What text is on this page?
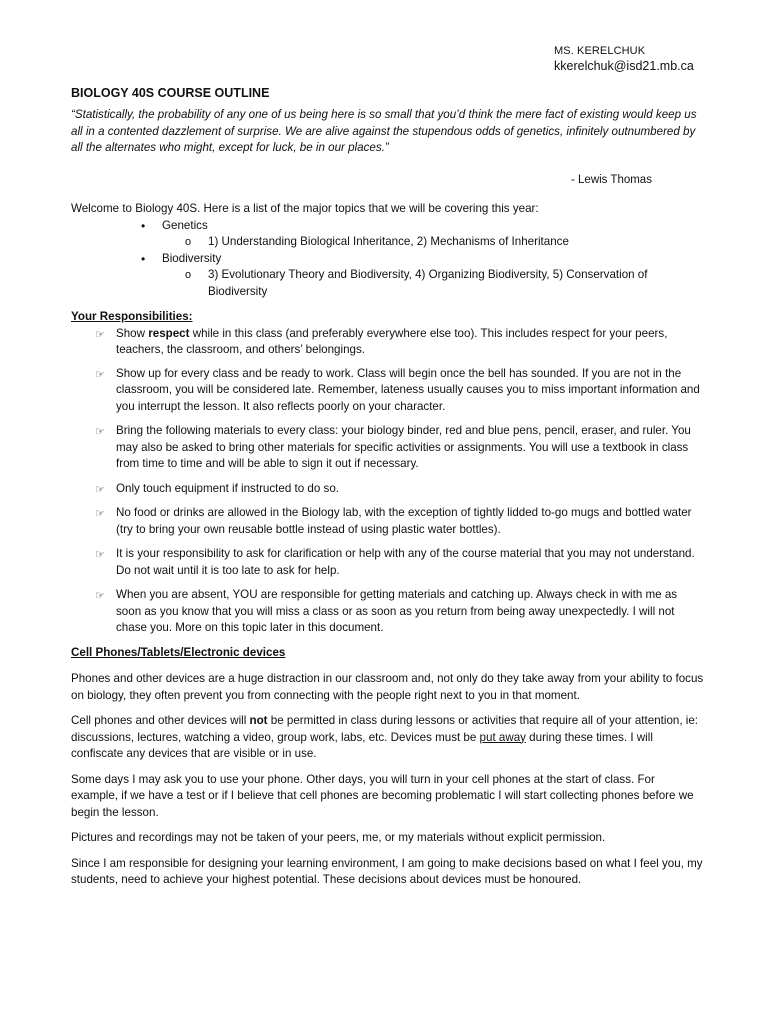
MS. KERELCHUK
kkerelchuk@isd21.mb.ca
BIOLOGY 40S COURSE OUTLINE
“Statistically, the probability of any one of us being here is so small that you’d think the mere fact of existing would keep us all in a contented dazzlement of surprise. We are alive against the stupendous odds of genetics, infinitely outnumbered by all the alternates who might, except for luck, be in our places.”
- Lewis Thomas
Welcome to Biology 40S. Here is a list of the major topics that we will be covering this year:
• Genetics
o 1) Understanding Biological Inheritance, 2) Mechanisms of Inheritance
• Biodiversity
o 3) Evolutionary Theory and Biodiversity, 4) Organizing Biodiversity, 5) Conservation of Biodiversity
Your Responsibilities:
☞ Show respect while in this class (and preferably everywhere else too). This includes respect for your peers, teachers, the classroom, and others’ belongings.
☞ Show up for every class and be ready to work. Class will begin once the bell has sounded. If you are not in the classroom, you will be considered late. Remember, lateness usually causes you to miss important information and you interrupt the lesson. It also reflects poorly on your character.
☞ Bring the following materials to every class: your biology binder, red and blue pens, pencil, eraser, and ruler. You may also be asked to bring other materials for specific activities or assignments. You will use a textbook in class from time to time and will be able to sign it out if necessary.
☞ Only touch equipment if instructed to do so.
☞ No food or drinks are allowed in the Biology lab, with the exception of tightly lidded to-go mugs and bottled water (try to bring your own reusable bottle instead of using plastic water bottles).
☞ It is your responsibility to ask for clarification or help with any of the course material that you may not understand. Do not wait until it is too late to ask for help.
☞ When you are absent, YOU are responsible for getting materials and catching up. Always check in with me as soon as you know that you will miss a class or as soon as you return from being away unexpectedly. I will not chase you. More on this topic later in this document.
Cell Phones/Tablets/Electronic devices

Phones and other devices are a huge distraction in our classroom and, not only do they take away from your ability to focus on biology, they often prevent you from connecting with the people right next to you in that moment.

Cell phones and other devices will not be permitted in class during lessons or activities that require all of your attention, ie: discussions, lectures, watching a video, group work, labs, etc. Devices must be put away during these times. I will confiscate any devices that are visible or in use.

Some days I may ask you to use your phone. Other days, you will turn in your cell phones at the start of class. For example, if we have a test or if I believe that cell phones are becoming problematic I will start collecting phones before we begin the lesson.

Pictures and recordings may not be taken of your peers, me, or my materials without explicit permission.

Since I am responsible for designing your learning environment, I am going to make decisions based on what I feel you, my students, need to achieve your highest potential. These decisions about devices must be honoured.
